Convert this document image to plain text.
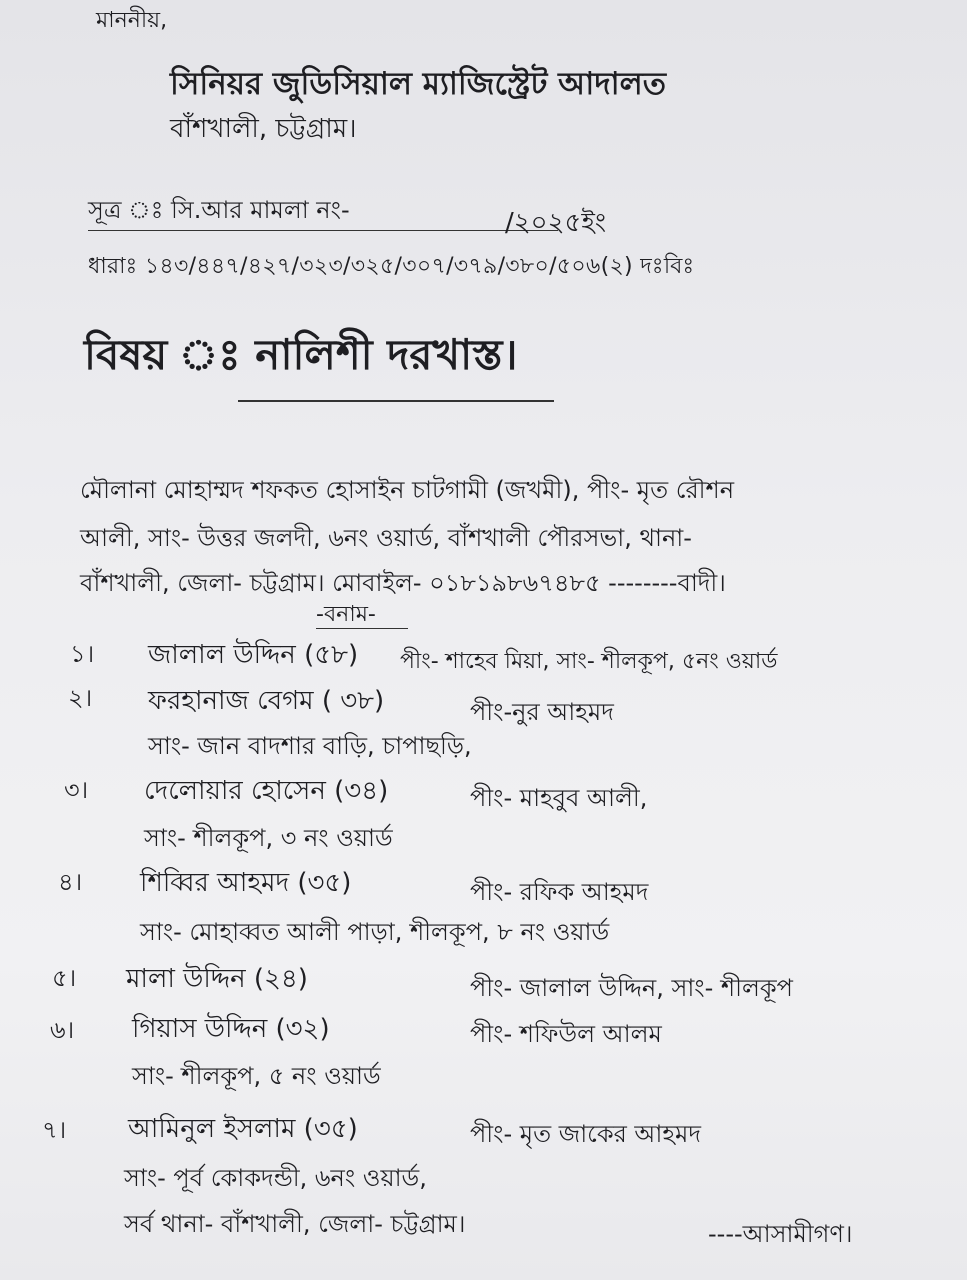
মাননীয়,
সিনিয়র জুডিসিয়াল ম্যাজিস্ট্রেট আদালত
বাঁশখালী, চট্টগ্রাম।
সূত্র ঃ সি.আর মামলা নং-	/২০২৫ইং
ধারাঃ ১৪৩/৪৪৭/৪২৭/৩২৩/৩২৫/৩০৭/৩৭৯/৩৮০/৫০৬(২) দঃবিঃ
বিষয় ঃ নালিশী দরখাস্ত।
মৌলানা মোহাম্মদ শফকত হোসাইন চাটগামী (জখমী), পীং- মৃত রৌশন
আলী, সাং- উত্তর জলদী, ৬নং ওয়ার্ড, বাঁশখালী পৌরসভা, থানা-
বাঁশখালী, জেলা- চট্টগ্রাম। মোবাইল- ০১৮১৯৮৬৭৪৮৫ --------বাদী।
-বনাম-
১। জালাল উদ্দিন (৫৮) পীং- শাহেব মিয়া, সাং- শীলকূপ, ৫নং ওয়ার্ড
২। ফরহানাজ বেগম ( ৩৮)	পীং-নুর আহমদ
সাং- জান বাদশার বাড়ি, চাপাছড়ি,
৩। দেলোয়ার হোসেন (৩৪)	পীং- মাহবুব আলী,
সাং- শীলকূপ, ৩ নং ওয়ার্ড
৪। শিব্বির আহমদ (৩৫)	পীং- রফিক আহমদ
সাং- মোহাব্বত আলী পাড়া, শীলকূপ, ৮ নং ওয়ার্ড
৫। মালা উদ্দিন (২৪)	পীং- জালাল উদ্দিন, সাং- শীলকূপ
৬। গিয়াস উদ্দিন (৩২)	পীং- শফিউল আলম
সাং- শীলকূপ, ৫ নং ওয়ার্ড
৭। আমিনুল ইসলাম (৩৫)	পীং- মৃত জাকের আহমদ
সাং- পূর্ব কোকদন্ডী, ৬নং ওয়ার্ড,
সর্ব থানা- বাঁশখালী, জেলা- চট্টগ্রাম।	----আসামীগণ।
